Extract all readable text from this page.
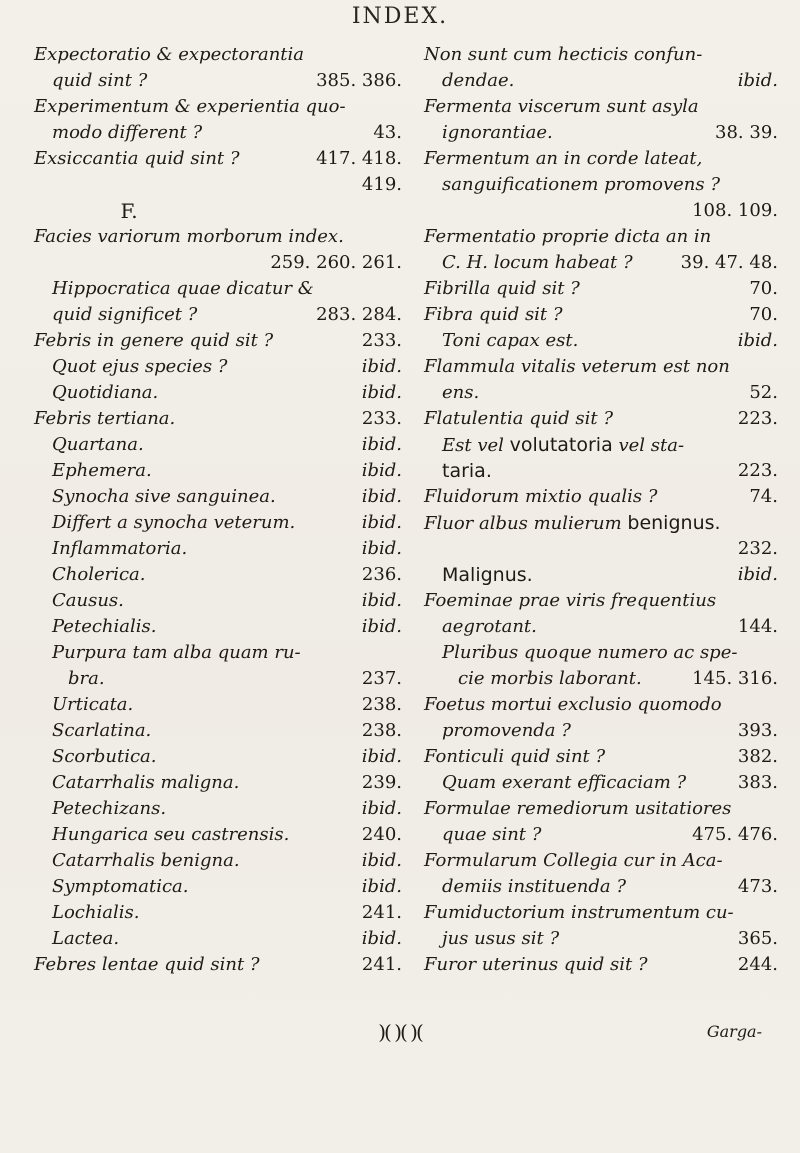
INDEX.
Expectoratio & expectorantia
quid sint ?	385. 386.
Experimentum & experientia quo-
modo different ?	43.
Exsiccantia quid sint ?	417. 418.
419.
F.
Facies variorum morborum index.
259. 260. 261.
Hippocratica quae dicatur &
quid significet ?	283. 284.
Febris in genere quid sit ?	233.
Quot ejus species ?	ibid.
Quotidiana.	ibid.
Febris tertiana.	233.
Quartana.	ibid.
Ephemera.	ibid.
Synocha sive sanguinea.	ibid.
Differt a synocha veterum.	ibid.
Inflammatoria.	ibid.
Cholerica.	236.
Causus.	ibid.
Petechialis.	ibid.
Purpura tam alba quam ru-
bra.	237.
Urticata.	238.
Scarlatina.	238.
Scorbutica.	ibid.
Catarrhalis maligna.	239.
Petechizans.	ibid.
Hungarica seu castrensis.	240.
Catarrhalis benigna.	ibid.
Symptomatica.	ibid.
Lochialis.	241.
Lactea.	ibid.
Febres lentae quid sint ?	241.
Non sunt cum hecticis confun-
dendae.	ibid.
Fermenta viscerum sunt asyla
ignorantiae.	38. 39.
Fermentum an in corde lateat,
sanguificationem promovens ?
108. 109.
Fermentatio proprie dicta an in
C. H. locum habeat ?	39. 47. 48.
Fibrilla quid sit ?	70.
Fibra quid sit ?	70.
Toni capax est.	ibid.
Flammula vitalis veterum est non
ens.	52.
Flatulentia quid sit ?	223.
Est vel volutatoria vel sta-
taria.	223.
Fluidorum mixtio qualis ?	74.
Fluor albus mulierum benignus.
232.
Malignus.	ibid.
Foeminae prae viris frequentius
aegrotant.	144.
Pluribus quoque numero ac spe-
cie morbis laborant.	145. 316.
Foetus mortui exclusio quomodo
promovenda ?	393.
Fonticuli quid sint ?	382.
Quam exerant efficaciam ?	383.
Formulae remediorum usitatiores
quae sint ?	475. 476.
Formularum Collegia cur in Aca-
demiis instituenda ?	473.
Fumiductorium instrumentum cu-
jus usus sit ?	365.
Furor uterinus quid sit ?	244.
)( )( )(	Garga-
